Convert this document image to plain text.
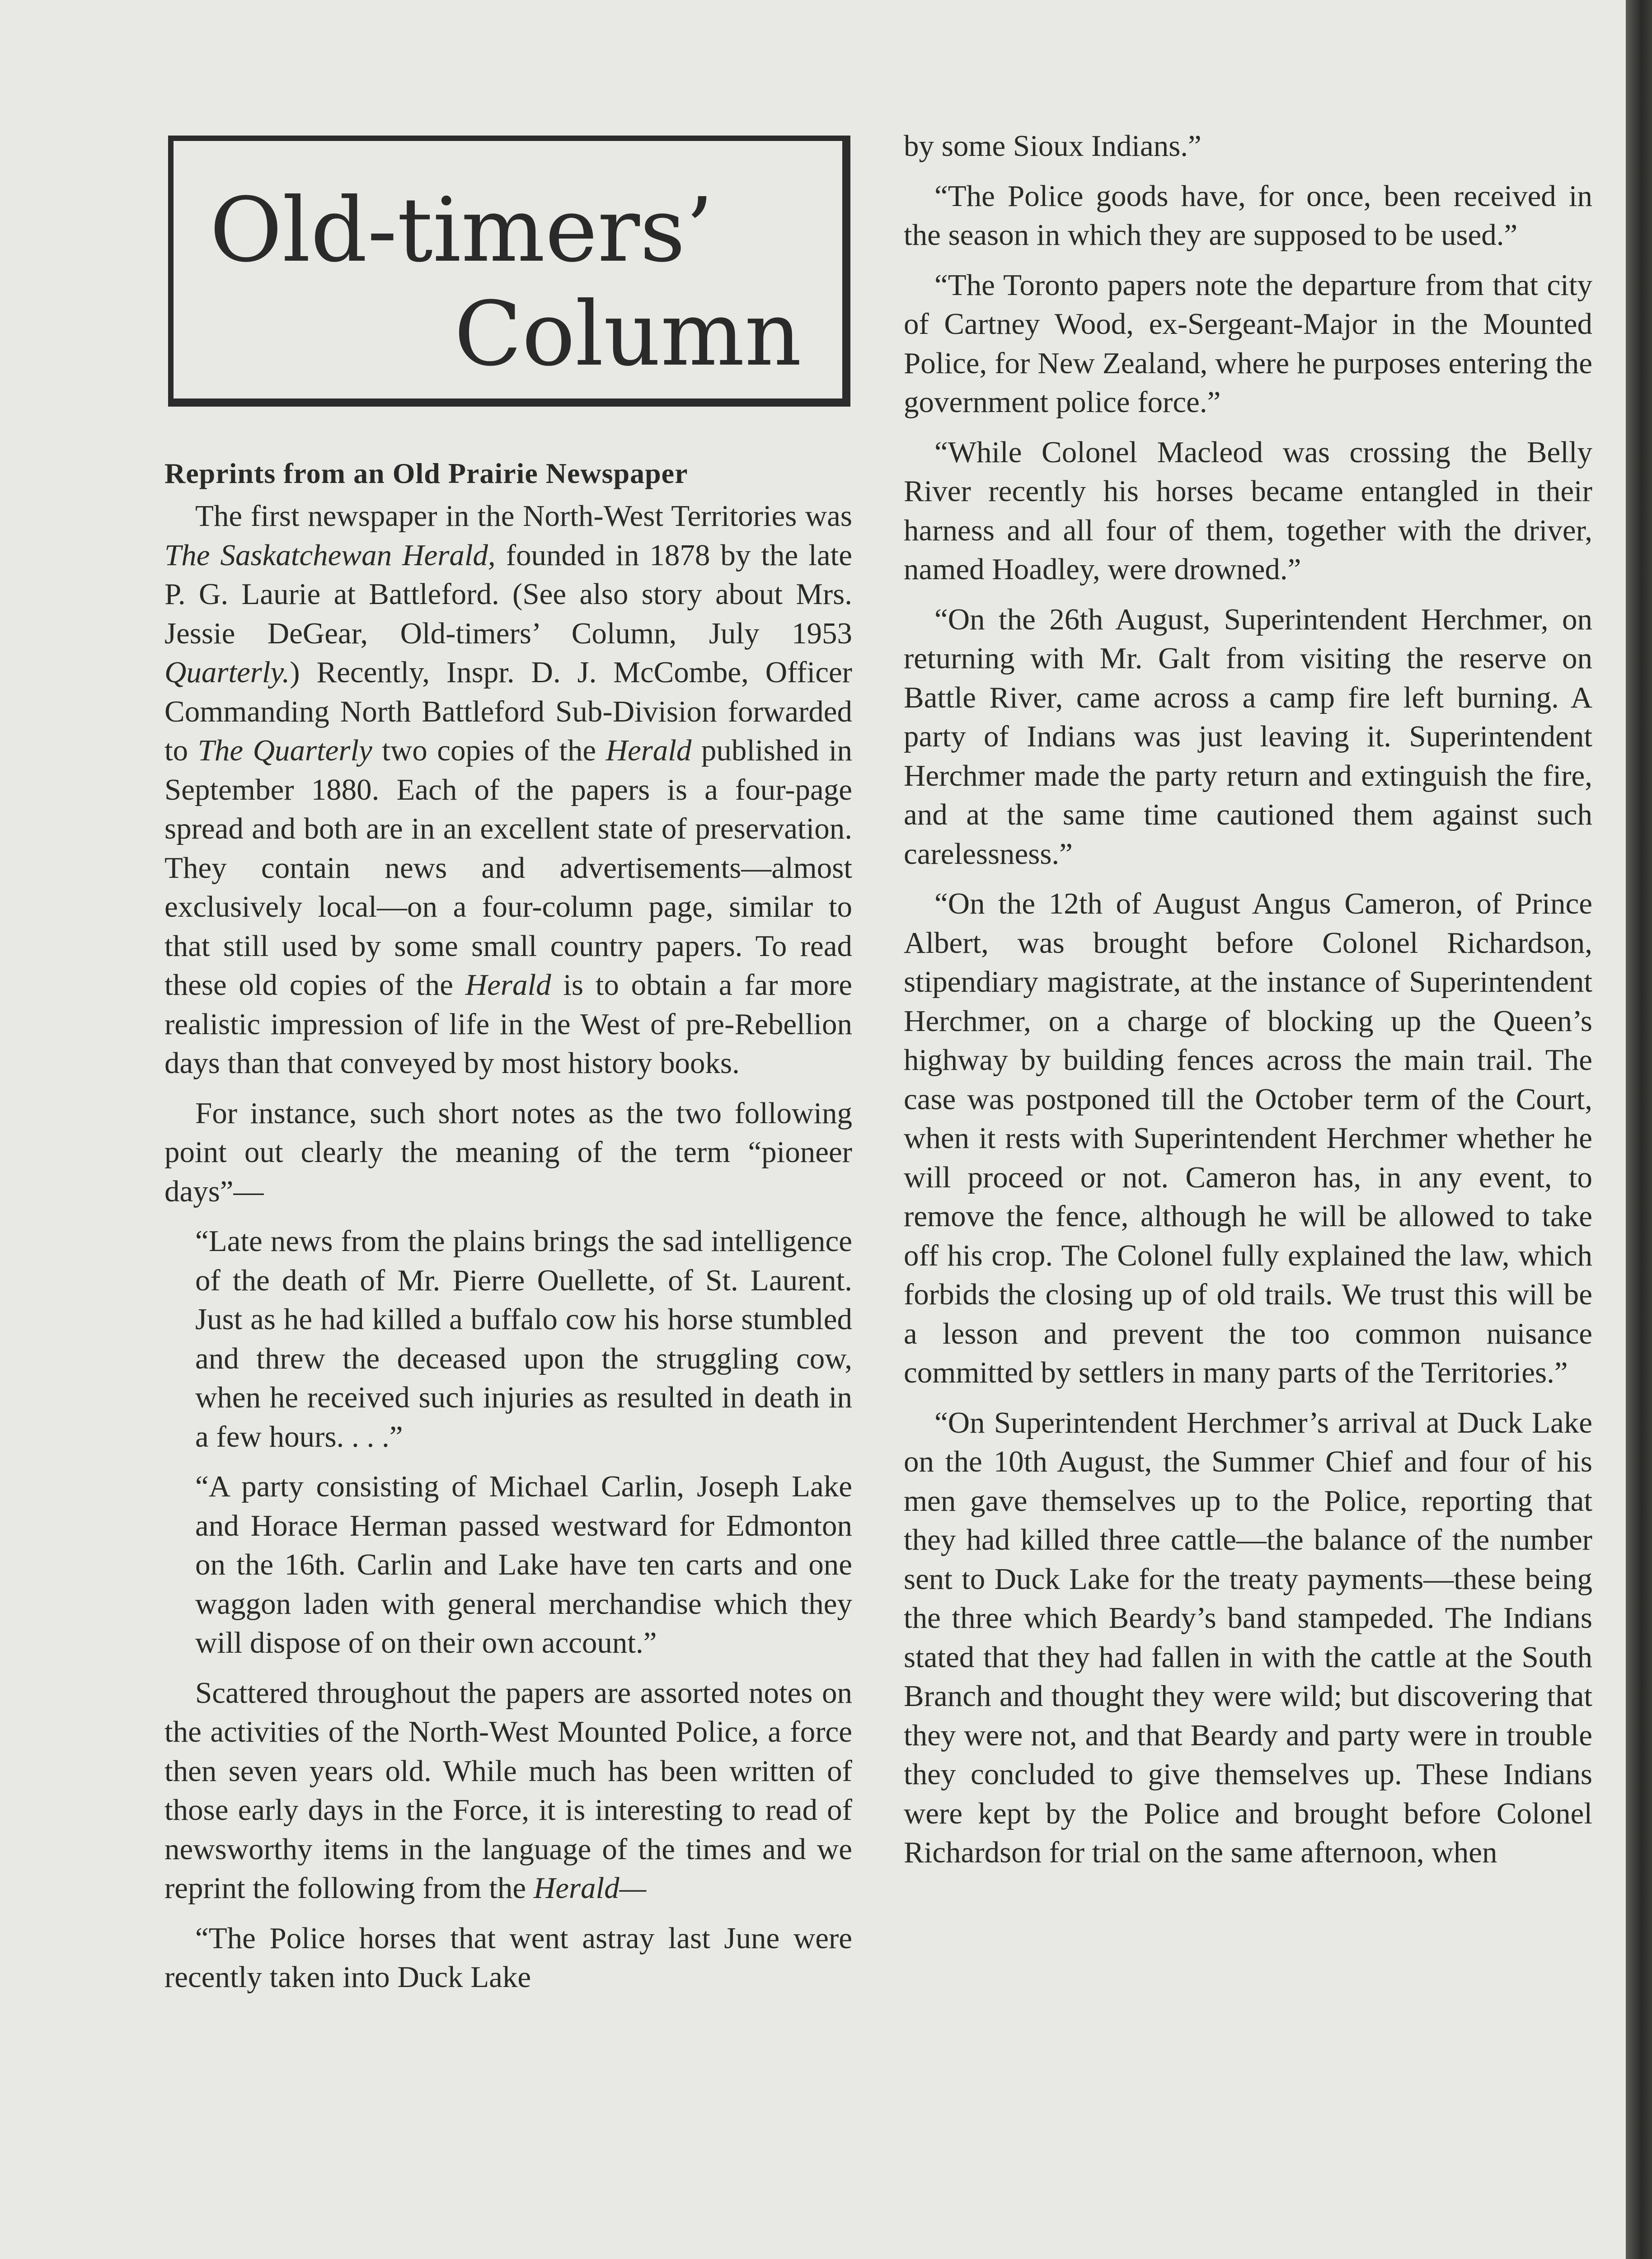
Old-timers’
Column
Reprints from an Old Prairie Newspaper

The first newspaper in the North-West Territories was The Saskatchewan Herald, founded in 1878 by the late P. G. Laurie at Battleford. (See also story about Mrs. Jessie DeGear, Old-timers’ Column, July 1953 Quarterly.) Recently, Inspr. D. J. McCombe, Officer Commanding North Battleford Sub-Division forwarded to The Quarterly two copies of the Herald published in September 1880. Each of the papers is a four-page spread and both are in an excellent state of preservation. They contain news and advertisements—almost exclusively local—on a four-column page, similar to that still used by some small country papers. To read these old copies of the Herald is to obtain a far more realistic impression of life in the West of pre-Rebellion days than that conveyed by most history books.

For instance, such short notes as the two following point out clearly the meaning of the term “pioneer days”—

“Late news from the plains brings the sad intelligence of the death of Mr. Pierre Ouellette, of St. Laurent. Just as he had killed a buffalo cow his horse stumbled and threw the deceased upon the struggling cow, when he received such injuries as resulted in death in a few hours. . . .”

“A party consisting of Michael Carlin, Joseph Lake and Horace Herman passed westward for Edmonton on the 16th. Carlin and Lake have ten carts and one waggon laden with general merchandise which they will dispose of on their own account.”

Scattered throughout the papers are assorted notes on the activities of the North-West Mounted Police, a force then seven years old. While much has been written of those early days in the Force, it is interesting to read of newsworthy items in the language of the times and we reprint the following from the Herald—

“The Police horses that went astray last June were recently taken into Duck Lake

by some Sioux Indians.”

“The Police goods have, for once, been received in the season in which they are supposed to be used.”

“The Toronto papers note the departure from that city of Cartney Wood, ex-Sergeant-Major in the Mounted Police, for New Zealand, where he purposes entering the government police force.”

“While Colonel Macleod was crossing the Belly River recently his horses became entangled in their harness and all four of them, together with the driver, named Hoadley, were drowned.”

“On the 26th August, Superintendent Herchmer, on returning with Mr. Galt from visiting the reserve on Battle River, came across a camp fire left burning. A party of Indians was just leaving it. Superintendent Herchmer made the party return and extinguish the fire, and at the same time cautioned them against such carelessness.”

“On the 12th of August Angus Cameron, of Prince Albert, was brought before Colonel Richardson, stipendiary magistrate, at the instance of Superintendent Herchmer, on a charge of blocking up the Queen’s highway by building fences across the main trail. The case was postponed till the October term of the Court, when it rests with Superintendent Herchmer whether he will proceed or not. Cameron has, in any event, to remove the fence, although he will be allowed to take off his crop. The Colonel fully explained the law, which forbids the closing up of old trails. We trust this will be a lesson and prevent the too common nuisance committed by settlers in many parts of the Territories.”

“On Superintendent Herchmer’s arrival at Duck Lake on the 10th August, the Summer Chief and four of his men gave themselves up to the Police, reporting that they had killed three cattle—the balance of the number sent to Duck Lake for the treaty payments—these being the three which Beardy’s band stampeded. The Indians stated that they had fallen in with the cattle at the South Branch and thought they were wild; but discovering that they were not, and that Beardy and party were in trouble they concluded to give themselves up. These Indians were kept by the Police and brought before Colonel Richardson for trial on the same afternoon, when
